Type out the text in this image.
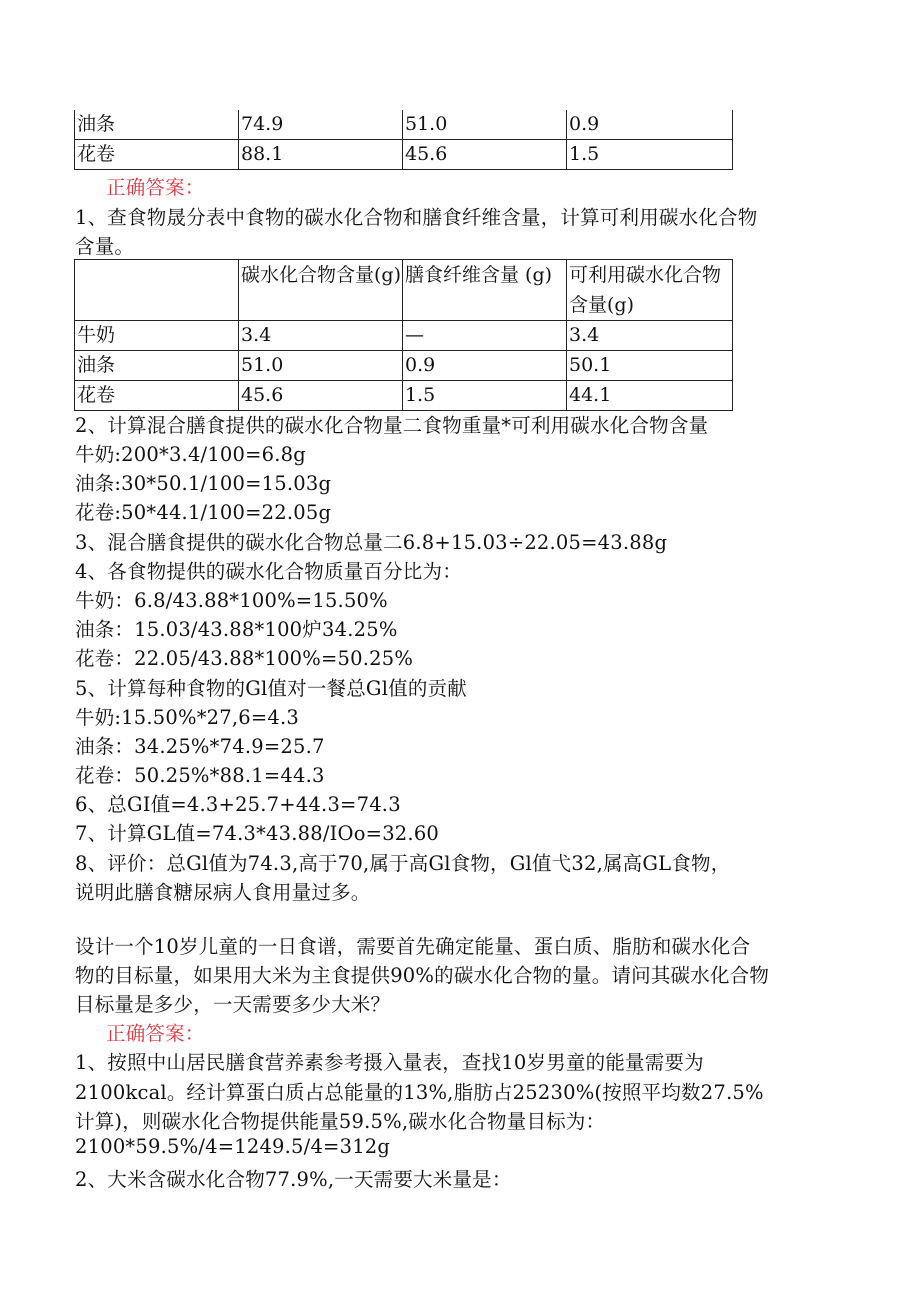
油条	74.9	51.0	0.9
花卷	88.1	45.6	1.5
正确答案：
1、查食物晟分表中食物的碳水化合物和膳食纤维含量，计算可利用碳水化合物
含量。
	碳水化合物含量(g)	膳食纤维含量 (g)	可利用碳水化合物含量(g)
牛奶	3.4	—	3.4
油条	51.0	0.9	50.1
花卷	45.6	1.5	44.1
2、计算混合膳食提供的碳水化合物量二食物重量*可利用碳水化合物含量
牛奶:200*3.4/100=6.8g
油条:30*50.1/100=15.03g
花卷:50*44.1/100=22.05g
3、混合膳食提供的碳水化合物总量二6.8+15.03÷22.05=43.88g
4、各食物提供的碳水化合物质量百分比为：
牛奶：6.8/43.88*100%=15.50%
油条：15.03/43.88*100炉34.25%
花卷：22.05/43.88*100%=50.25%
5、计算每种食物的Gl值对一餐总Gl值的贡献
牛奶:15.50%*27,6=4.3
油条：34.25%*74.9=25.7
花卷：50.25%*88.1=44.3
6、总GI值=4.3+25.7+44.3=74.3
7、计算GL值=74.3*43.88/IOo=32.60
8、评价：总Gl值为74.3,高于70,属于高Gl食物，Gl值弋32,属高GL食物，
说明此膳食糖尿病人食用量过多。
设计一个10岁儿童的一日食谱，需要首先确定能量、蛋白质、脂肪和碳水化合
物的目标量，如果用大米为主食提供90%的碳水化合物的量。请问其碳水化合物
目标量是多少，一天需要多少大米？
正确答案：
1、按照中山居民膳食营养素参考摄入量表，查找10岁男童的能量需要为
2100kcal。经计算蛋白质占总能量的13%,脂肪占25230%(按照平均数27.5%
计算)，则碳水化合物提供能量59.5%,碳水化合物量目标为：
2100*59.5%/4=1249.5/4=312g
2、大米含碳水化合物77.9%,一天需要大米量是：
